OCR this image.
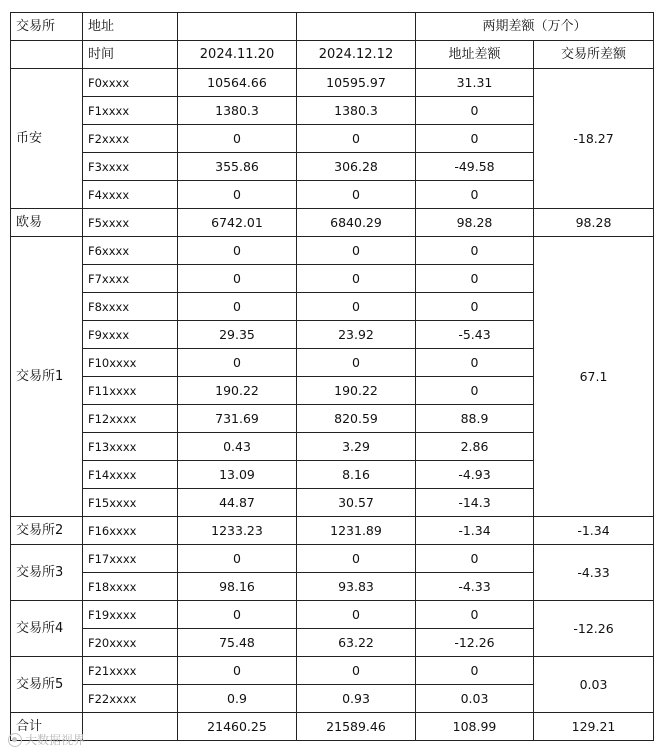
交易所	地址			两期差额（万个）	
	时间	2024.11.20	2024.12.12	地址差额	交易所差额
币安	F0xxxx	10564.66	10595.97	31.31	-18.27
	F1xxxx	1380.3	1380.3	0	
	F2xxxx	0	0	0	
	F3xxxx	355.86	306.28	-49.58	
	F4xxxx	0	0	0	
欧易	F5xxxx	6742.01	6840.29	98.28	98.28
交易所1	F6xxxx	0	0	0	67.1
	F7xxxx	0	0	0	
	F8xxxx	0	0	0	
	F9xxxx	29.35	23.92	-5.43	
	F10xxxx	0	0	0	
	F11xxxx	190.22	190.22	0	
	F12xxxx	731.69	820.59	88.9	
	F13xxxx	0.43	3.29	2.86	
	F14xxxx	13.09	8.16	-4.93	
	F15xxxx	44.87	30.57	-14.3	
交易所2	F16xxxx	1233.23	1231.89	-1.34	-1.34
交易所3	F17xxxx	0	0	0	-4.33
	F18xxxx	98.16	93.83	-4.33	
交易所4	F19xxxx	0	0	0	-12.26
	F20xxxx	75.48	63.22	-12.26	
交易所5	F21xxxx	0	0	0	0.03
	F22xxxx	0.9	0.93	0.03	
合计		21460.25	21589.46	108.99	129.21
大数据视界
